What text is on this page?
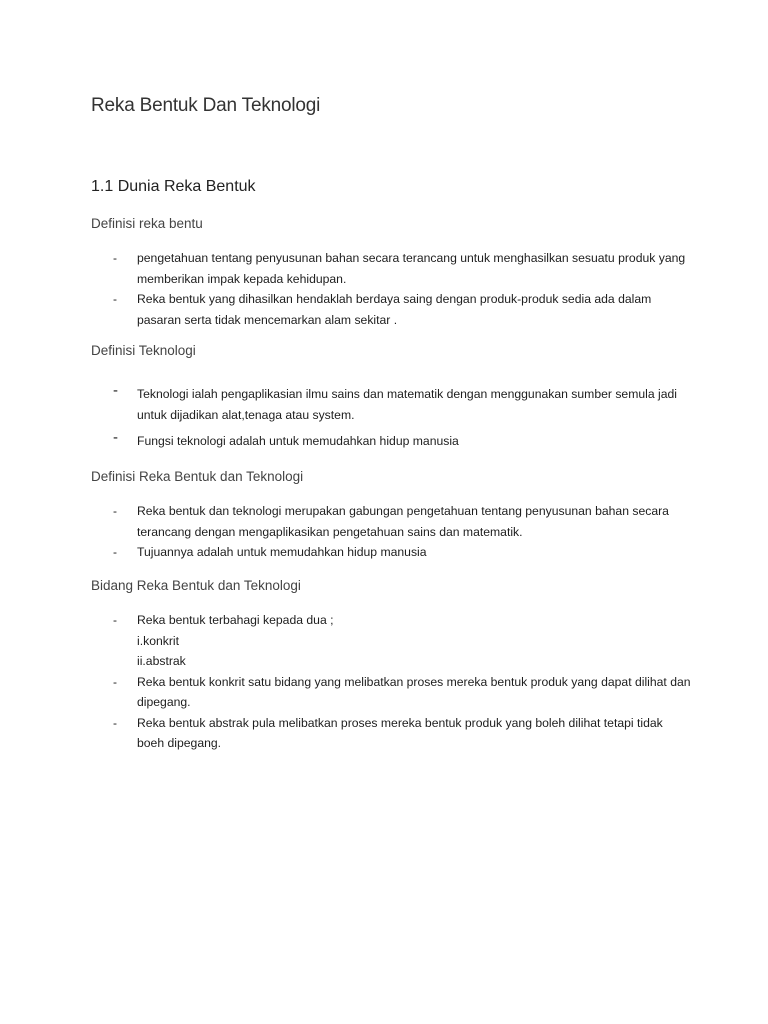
Reka Bentuk Dan Teknologi
1.1 Dunia Reka Bentuk
Definisi reka bentu
- pengetahuan tentang penyusunan bahan secara terancang untuk menghasilkan sesuatu produk yang memberikan impak kepada kehidupan.
- Reka bentuk yang dihasilkan hendaklah berdaya saing dengan produk-produk sedia ada dalam pasaran serta tidak mencemarkan alam sekitar .
Definisi Teknologi
- Teknologi ialah pengaplikasian ilmu sains dan matematik dengan menggunakan sumber semula jadi untuk dijadikan alat,tenaga atau system.
- Fungsi teknologi adalah untuk memudahkan hidup manusia
Definisi Reka Bentuk dan Teknologi
- Reka bentuk dan teknologi merupakan gabungan pengetahuan tentang penyusunan bahan secara terancang dengan mengaplikasikan pengetahuan sains dan matematik.
- Tujuannya adalah untuk memudahkan hidup manusia
Bidang Reka Bentuk dan Teknologi
- Reka bentuk terbahagi kepada dua ;
i.konkrit
ii.abstrak
- Reka bentuk konkrit satu bidang yang melibatkan proses mereka bentuk produk yang dapat dilihat dan dipegang.
- Reka bentuk abstrak pula melibatkan proses mereka bentuk produk yang boleh dilihat tetapi tidak boeh dipegang.
